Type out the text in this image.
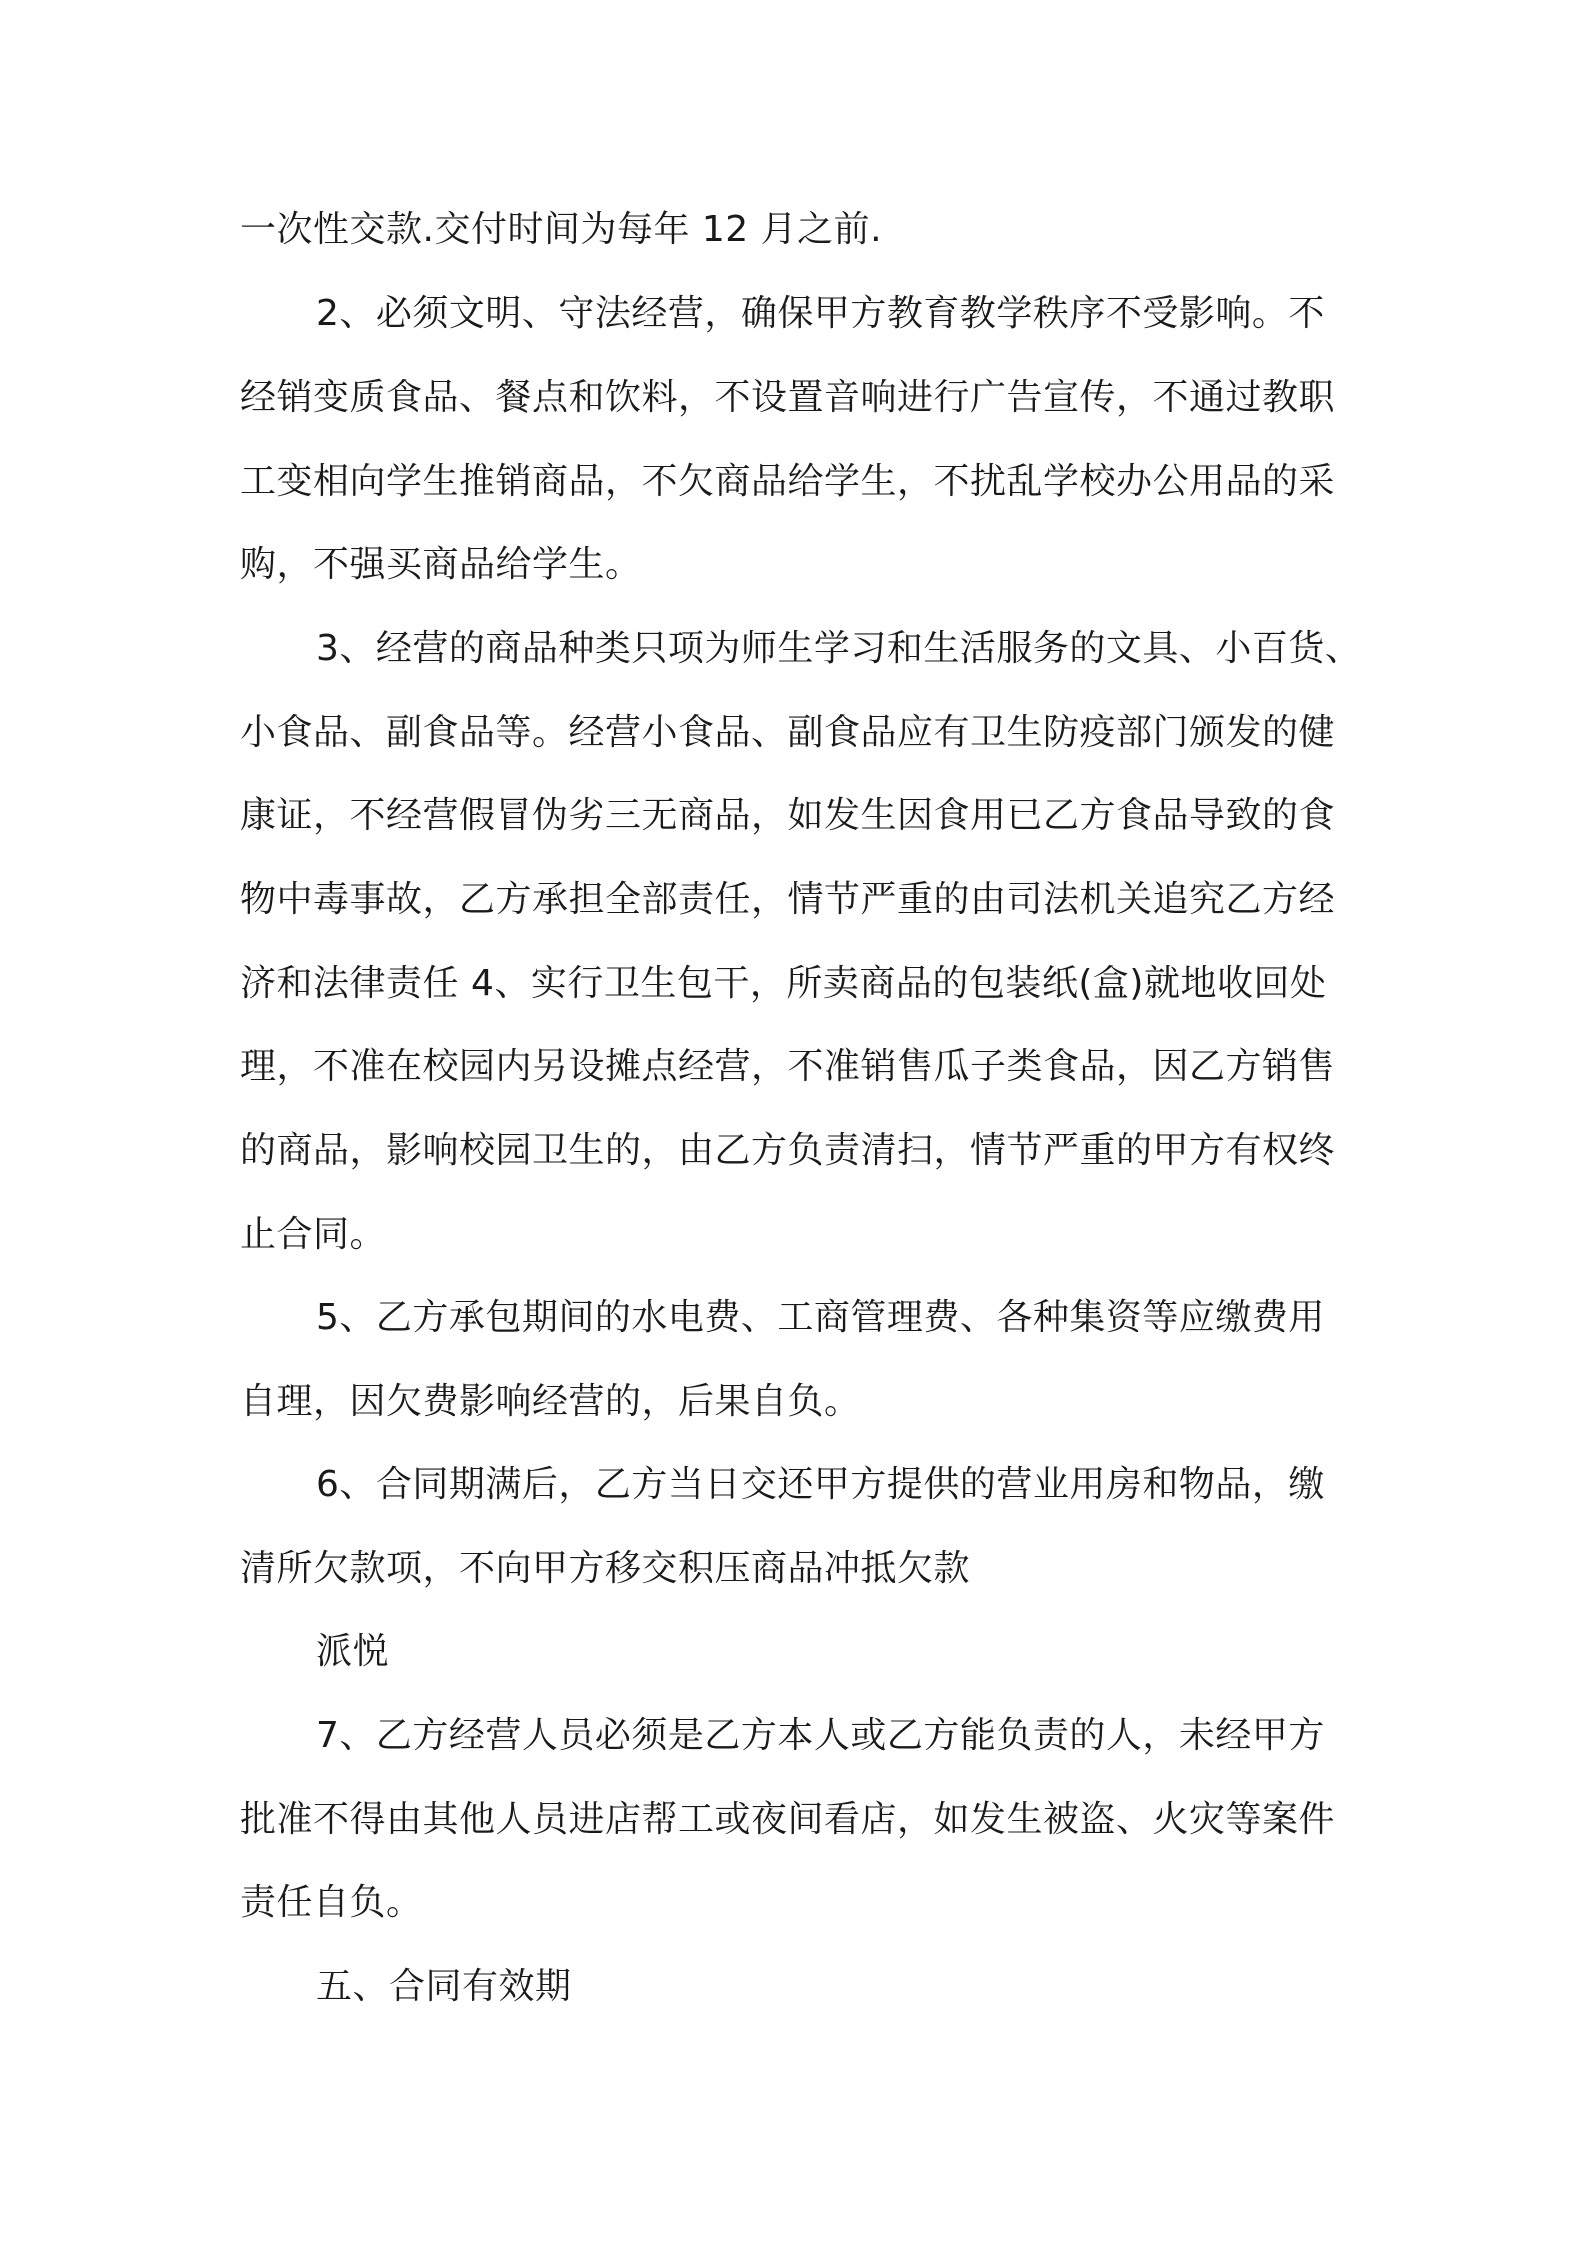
一次性交款.交付时间为每年 12 月之前.
2、必须文明、守法经营，确保甲方教育教学秩序不受影响。不
经销变质食品、餐点和饮料，不设置音响进行广告宣传，不通过教职
工变相向学生推销商品，不欠商品给学生，不扰乱学校办公用品的采
购，不强买商品给学生。
3、经营的商品种类只项为师生学习和生活服务的文具、小百货、
小食品、副食品等。经营小食品、副食品应有卫生防疫部门颁发的健
康证，不经营假冒伪劣三无商品，如发生因食用已乙方食品导致的食
物中毒事故，乙方承担全部责任，情节严重的由司法机关追究乙方经
济和法律责任 4、实行卫生包干，所卖商品的包装纸(盒)就地收回处
理，不准在校园内另设摊点经营，不准销售瓜子类食品，因乙方销售
的商品，影响校园卫生的，由乙方负责清扫，情节严重的甲方有权终
止合同。
5、乙方承包期间的水电费、工商管理费、各种集资等应缴费用
自理，因欠费影响经营的，后果自负。
6、合同期满后，乙方当日交还甲方提供的营业用房和物品，缴
清所欠款项，不向甲方移交积压商品冲抵欠款
派悦
7、乙方经营人员必须是乙方本人或乙方能负责的人，未经甲方
批准不得由其他人员进店帮工或夜间看店，如发生被盗、火灾等案件
责任自负。
五、合同有效期
